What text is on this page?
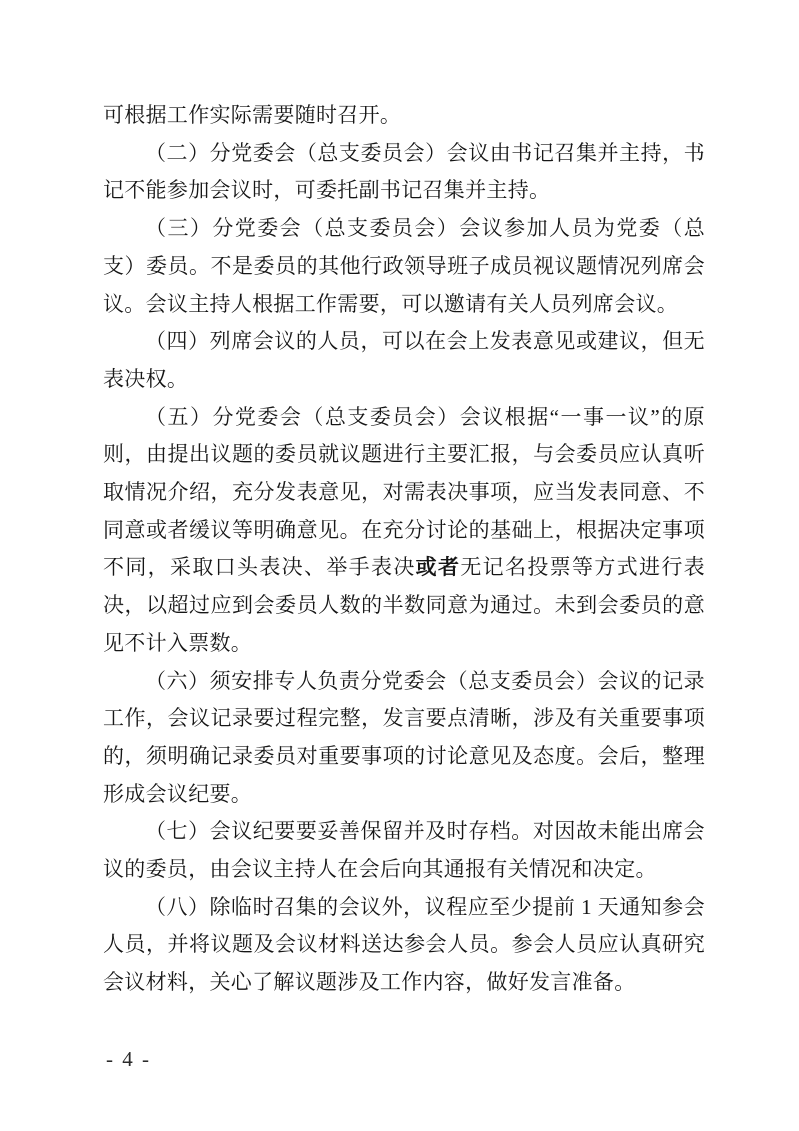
可根据工作实际需要随时召开。

（二）分党委会（总支委员会）会议由书记召集并主持，书记不能参加会议时，可委托副书记召集并主持。

（三）分党委会（总支委员会）会议参加人员为党委（总支）委员。不是委员的其他行政领导班子成员视议题情况列席会议。会议主持人根据工作需要，可以邀请有关人员列席会议。

（四）列席会议的人员，可以在会上发表意见或建议，但无表决权。

（五）分党委会（总支委员会）会议根据“一事一议”的原则，由提出议题的委员就议题进行主要汇报，与会委员应认真听取情况介绍，充分发表意见，对需表决事项，应当发表同意、不同意或者缓议等明确意见。在充分讨论的基础上，根据决定事项不同，采取口头表决、举手表决或者无记名投票等方式进行表决，以超过应到会委员人数的半数同意为通过。未到会委员的意见不计入票数。

（六）须安排专人负责分党委会（总支委员会）会议的记录工作，会议记录要过程完整，发言要点清晰，涉及有关重要事项的，须明确记录委员对重要事项的讨论意见及态度。会后，整理形成会议纪要。

（七）会议纪要要妥善保留并及时存档。对因故未能出席会议的委员，由会议主持人在会后向其通报有关情况和决定。

（八）除临时召集的会议外，议程应至少提前 1 天通知参会人员，并将议题及会议材料送达参会人员。参会人员应认真研究会议材料，关心了解议题涉及工作内容，做好发言准备。

- 4 -
